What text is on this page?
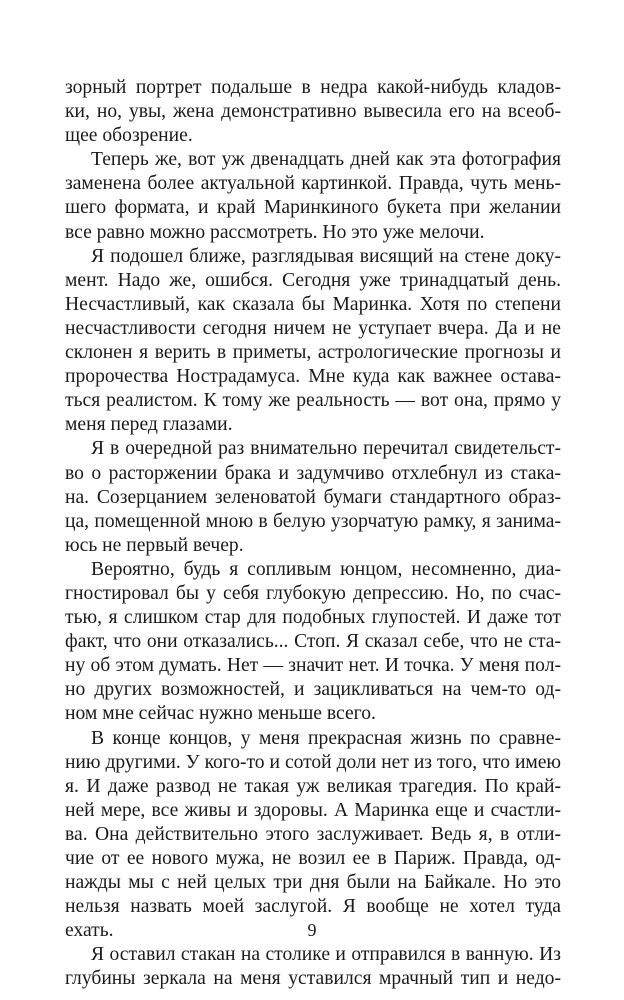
зорный портрет подальше в недра какой-нибудь кладов-
ки, но, увы, жена демонстративно вывесила его на всеоб-
щее обозрение.
Теперь же, вот уж двенадцать дней как эта фотография
заменена более актуальной картинкой. Правда, чуть мень-
шего формата, и край Маринкиного букета при желании
все равно можно рассмотреть. Но это уже мелочи.
Я подошел ближе, разглядывая висящий на стене доку-
мент. Надо же, ошибся. Сегодня уже тринадцатый день.
Несчастливый, как сказала бы Маринка. Хотя по степени
несчастливости сегодня ничем не уступает вчера. Да и не
склонен я верить в приметы, астрологические прогнозы и
пророчества Нострадамуса. Мне куда как важнее остава-
ться реалистом. К тому же реальность — вот она, прямо у
меня перед глазами.
Я в очередной раз внимательно перечитал свидетельст-
во о расторжении брака и задумчиво отхлебнул из стака-
на. Созерцанием зеленоватой бумаги стандартного образ-
ца, помещенной мною в белую узорчатую рамку, я занима-
юсь не первый вечер.
Вероятно, будь я сопливым юнцом, несомненно, диа-
гностировал бы у себя глубокую депрессию. Но, по счас-
тью, я слишком стар для подобных глупостей. И даже тот
факт, что они отказались... Стоп. Я сказал себе, что не ста-
ну об этом думать. Нет — значит нет. И точка. У меня пол-
но других возможностей, и зацикливаться на чем-то од-
ном мне сейчас нужно меньше всего.
В конце концов, у меня прекрасная жизнь по сравне-
нию другими. У кого-то и сотой доли нет из того, что имею
я. И даже развод не такая уж великая трагедия. По край-
ней мере, все живы и здоровы. А Маринка еще и счастли-
ва. Она действительно этого заслуживает. Ведь я, в отли-
чие от ее нового мужа, не возил ее в Париж. Правда, од-
нажды мы с ней целых три дня были на Байкале. Но это
нельзя назвать моей заслугой. Я вообще не хотел туда
ехать.
Я оставил стакан на столике и отправился в ванную. Из
глубины зеркала на меня уставился мрачный тип и недо-
9
